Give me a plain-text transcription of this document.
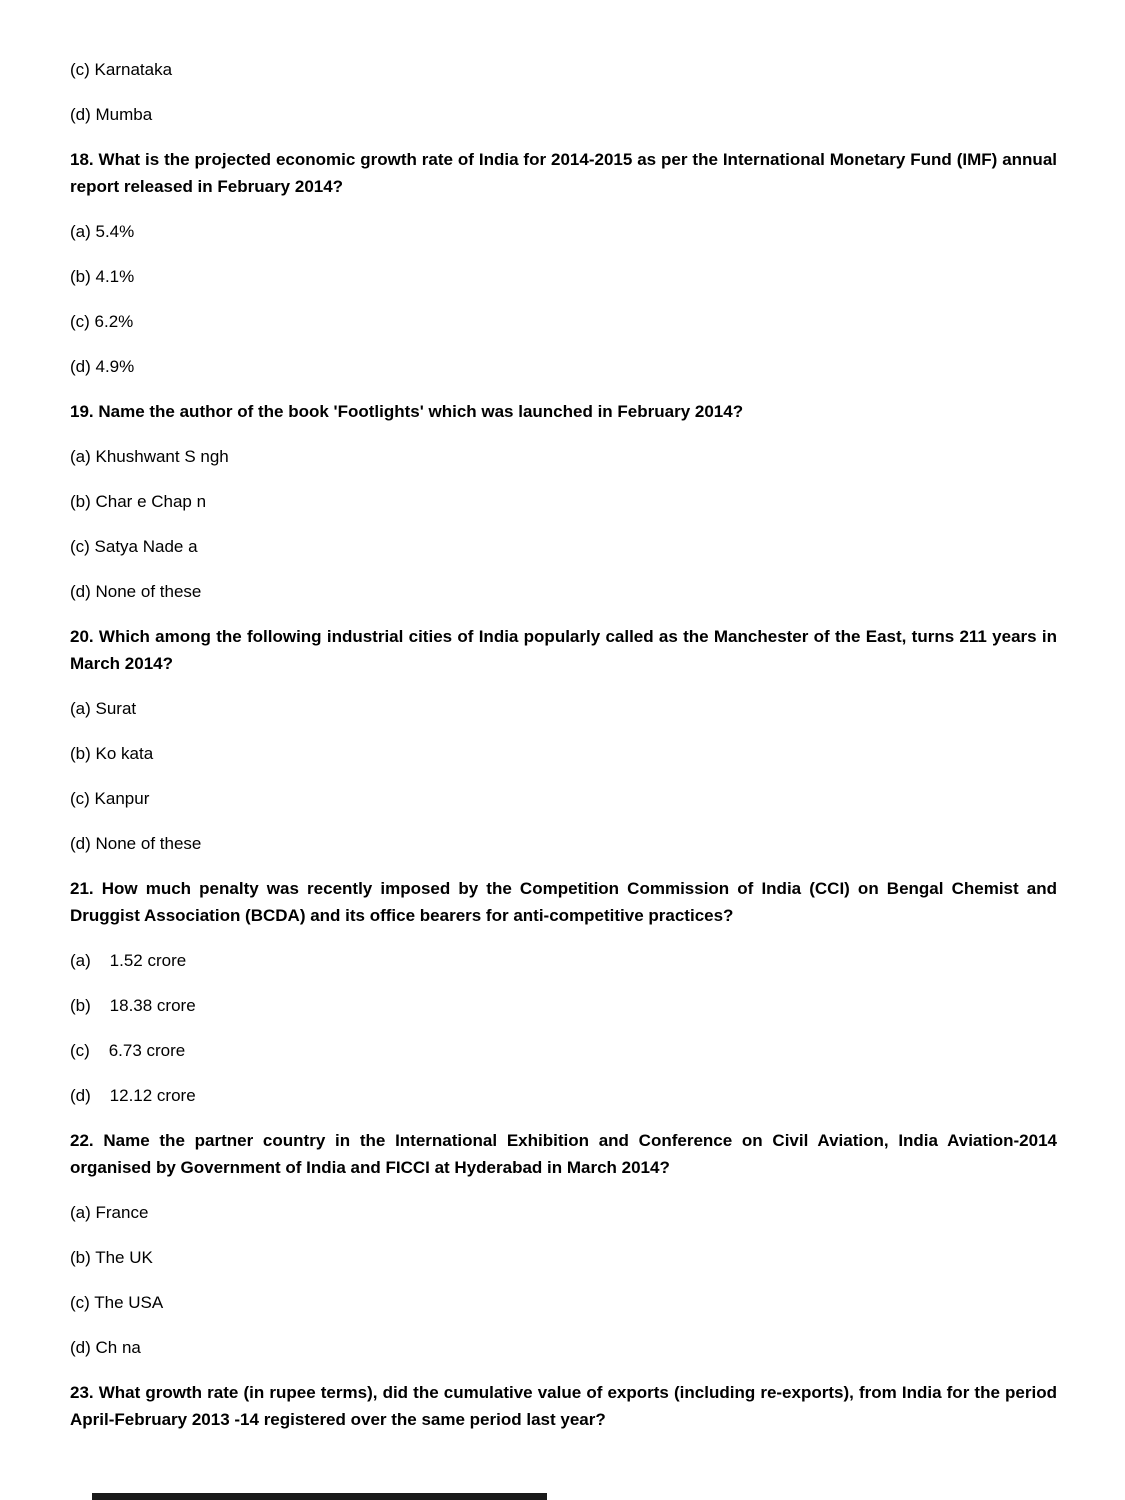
(c) Karnataka

(d) Mumba

18. What is the projected economic growth rate of India for 2014-2015 as per the International Monetary Fund (IMF) annual report released in February 2014?

(a) 5.4%

(b) 4.1%

(c) 6.2%

(d) 4.9%

19. Name the author of the book 'Footlights' which was launched in February 2014?

(a) Khushwant S ngh

(b) Char e Chap n

(c) Satya Nade a

(d) None of these

20. Which among the following industrial cities of India popularly called as the Manchester of the East, turns 211 years in March 2014?

(a) Surat

(b) Ko kata

(c) Kanpur

(d) None of these

21. How much penalty was recently imposed by the Competition Commission of India (CCI) on Bengal Chemist and Druggist Association (BCDA) and its office bearers for anti-competitive practices?

(a)    1.52 crore

(b)    18.38 crore

(c)    6.73 crore

(d)    12.12 crore

22. Name the partner country in the International Exhibition and Conference on Civil Aviation, India Aviation-2014 organised by Government of India and FICCI at Hyderabad in March 2014?

(a) France

(b) The UK

(c) The USA

(d) Ch na

23. What growth rate (in rupee terms), did the cumulative value of exports (including re-exports), from India for the period April-February 2013 -14 registered over the same period last year?
